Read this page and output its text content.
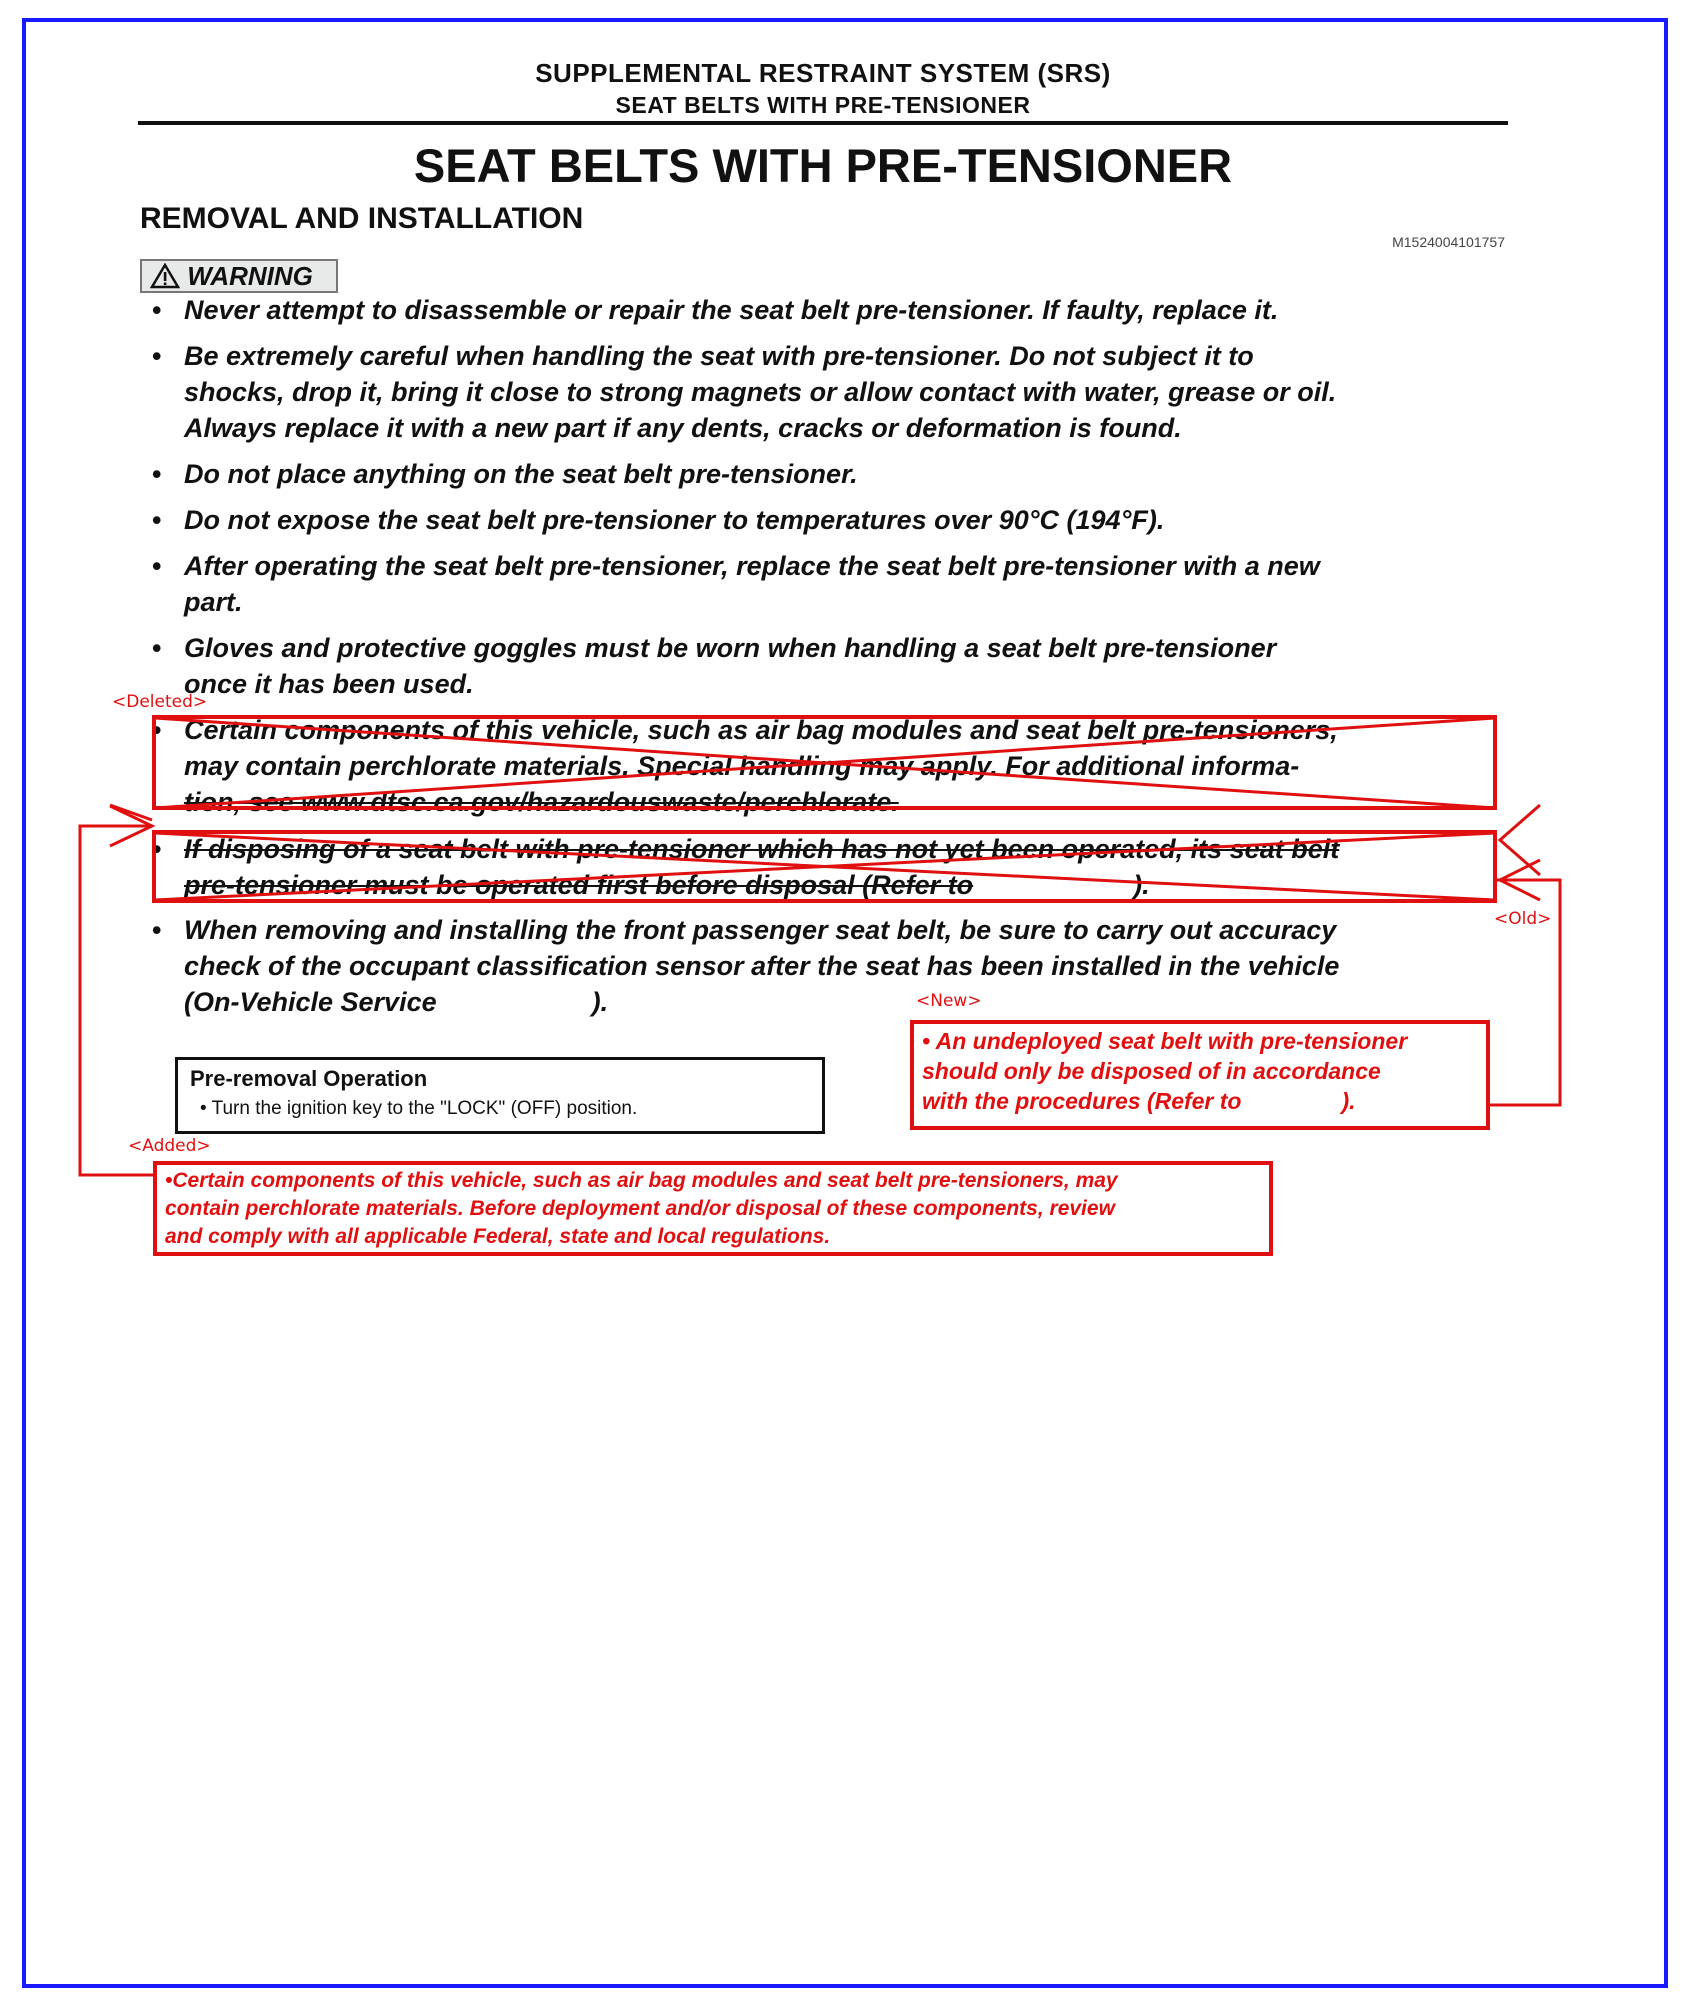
SUPPLEMENTAL RESTRAINT SYSTEM (SRS)
SEAT BELTS WITH PRE-TENSIONER
SEAT BELTS WITH PRE-TENSIONER
REMOVAL AND INSTALLATION
M1524004101757
WARNING
• Never attempt to disassemble or repair the seat belt pre-tensioner. If faulty, replace it.
• Be extremely careful when handling the seat with pre-tensioner. Do not subject it to
shocks, drop it, bring it close to strong magnets or allow contact with water, grease or oil.
Always replace it with a new part if any dents, cracks or deformation is found.
• Do not place anything on the seat belt pre-tensioner.
• Do not expose the seat belt pre-tensioner to temperatures over 90°C (194°F).
• After operating the seat belt pre-tensioner, replace the seat belt pre-tensioner with a new
part.
• Gloves and protective goggles must be worn when handling a seat belt pre-tensioner
once it has been used.
• Certain components of this vehicle, such as air bag modules and seat belt pre-tensioners,
may contain perchlorate materials. Special handling may apply. For additional informa-
tion, see www.dtsc.ca.gov/hazardouswaste/perchlorate.
• If disposing of a seat belt with pre-tensioner which has not yet been operated, its seat belt
pre-tensioner must be operated first before disposal (Refer to	).
• When removing and installing the front passenger seat belt, be sure to carry out accuracy
check of the occupant classification sensor after the seat has been installed in the vehicle
(On-Vehicle Service	).
Pre-removal Operation
• Turn the ignition key to the "LOCK" (OFF) position.
<Deleted>
<Old>
<New>
<Added>
• An undeployed seat belt with pre-tensioner
should only be disposed of in accordance
with the procedures (Refer to	).
•Certain components of this vehicle, such as air bag modules and seat belt pre-tensioners, may
contain perchlorate materials. Before deployment and/or disposal of these components, review
and comply with all applicable Federal, state and local regulations.
